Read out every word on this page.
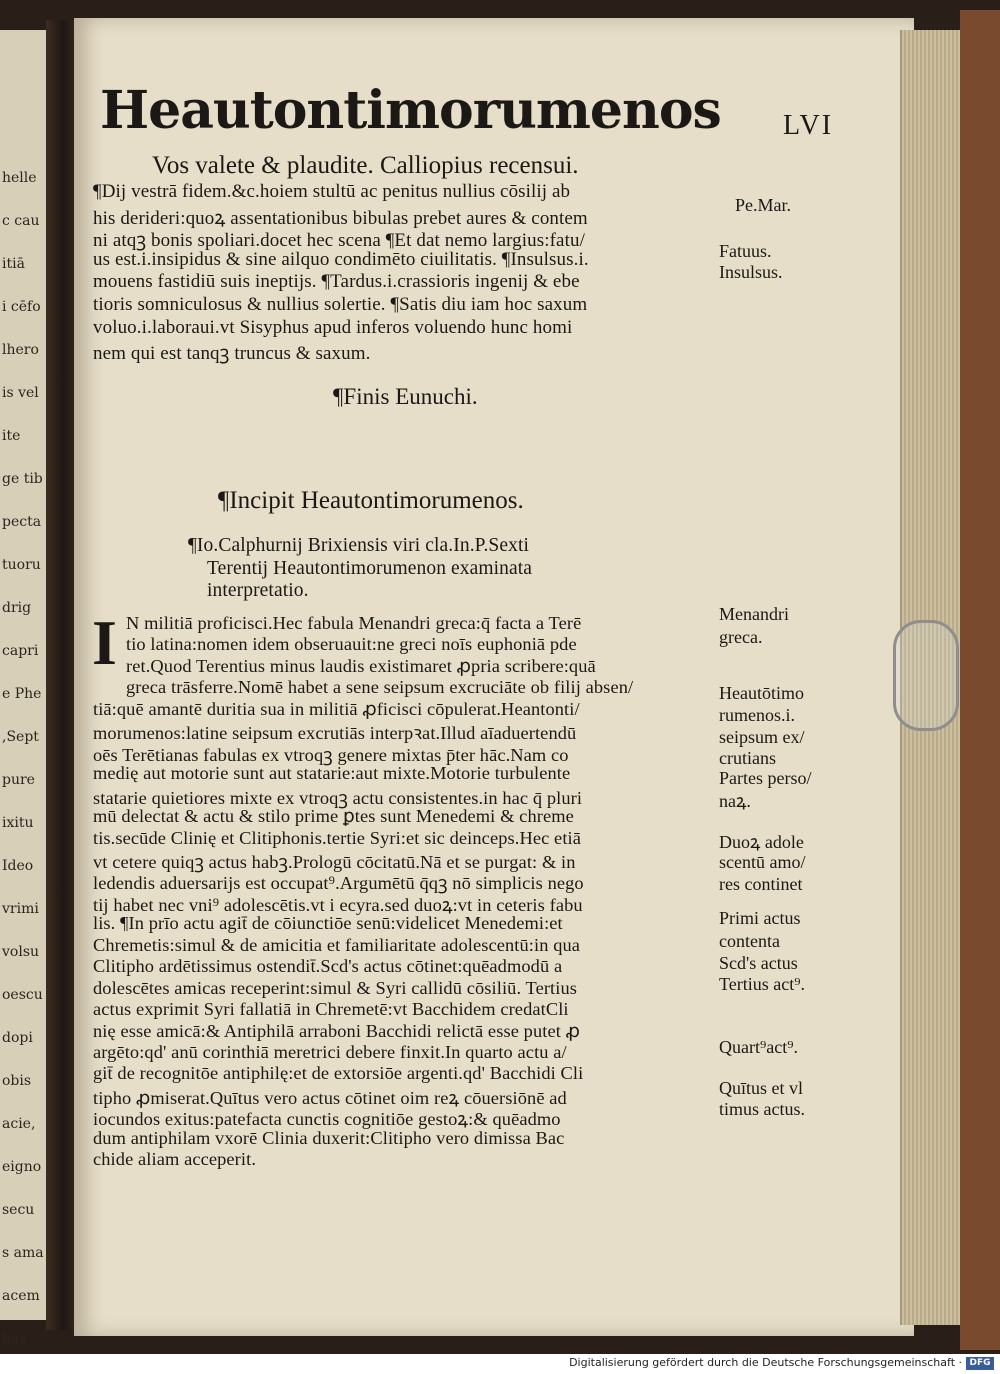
helle
c cau
itiā
i cēfo
lhero
is vel
ite
ge tib
pecta
tuoru
drig
capri
e Phe
,Sept
pure
ixitu
Ideo
vrimi
volsu
oescu
dopi
obis
acie,
eigno
secu
s ama
acem
has
Heautontimorumenos LVI
Vos valete & plaudite. Calliopius recensui.
¶Dij vestrā fidem.&c.hoiem stultū ac penitus nullius cōsilij ab
his derideri:quoꝝ assentationibus bibulas prebet aures & contem
ni atqꝫ bonis spoliari.docet hec scena ¶Et dat nemo largius:fatu/
us est.i.insipidus & sine ailquo condimēto ciuilitatis. ¶Insulsus.i.
mouens fastidiū suis ineptijs. ¶Tardus.i.crassioris ingenij & ebe
tioris somniculosus & nullius solertie. ¶Satis diu iam hoc saxum
voluo.i.laboraui.vt Sisyphus apud inferos voluendo hunc homi
nem qui est tanqꝫ truncus & saxum.
¶Finis Eunuchi.
¶Incipit Heautontimorumenos.
¶Io.Calphurnij Brixiensis viri cla.In.P.Sexti
Terentij Heautontimorumenon examinata
interpretatio.
I N militiā proficisci.Hec fabula Menandri greca:q̄ facta a Terē
tio latina:nomen idem obseruauit:ne greci noīs euphoniā pde
ret.Quod Terentius minus laudis existimaret ꝓpria scribere:quā
greca trāsferre.Nomē habet a sene seipsum excruciāte ob filij absen/
tiā:quē amantē duritia sua in militiā ꝓficisci cōpulerat.Heantonti/
morumenos:latine seipsum excrutiās interpꝛat.Illud aīaduertendū
oēs Terētianas fabulas ex vtroqꝫ genere mixtas p̄ter hāc.Nam co
medię aut motorie sunt aut statarie:aut mixte.Motorie turbulente
statarie quietiores mixte ex vtroqꝫ actu consistentes.in hac q̄ pluri
mū delectat & actu & stilo prime ꝑtes sunt Menedemi & chreme
tis.secūde Clinię et Clitiphonis.tertie Syri:et sic deinceps.Hec etiā
vt cetere quiqꝫ actus habꝫ.Prologū cōcitatū.Nā et se purgat: & in
ledendis aduersarijs est occupat⁹.Argumētū q̄qꝫ nō simplicis nego
tij habet nec vni⁹ adolescētis.vt i ecyra.sed duoꝝ:vt in ceteris fabu
lis. ¶In prīo actu agit̄ de cōiunctiōe senū:videlicet Menedemi:et
Chremetis:simul & de amicitia et familiaritate adolescentū:in qua
Clitipho ardētissimus ostendit̄.Scd's actus cōtinet:quēadmodū a
dolescētes amicas receperint:simul & Syri callidū cōsiliū. Tertius
actus exprimit Syri fallatiā in Chremetē:vt Bacchidem credatCli
nię esse amicā:& Antiphilā arraboni Bacchidi relictā esse putet ꝓ
argēto:qd' anū corinthiā meretrici debere finxit.In quarto actu a/
git̄ de recognitōe antiphilę:et de extorsiōe argenti.qd' Bacchidi Cli
tipho ꝓmiserat.Quītus vero actus cōtinet oim reꝝ cōuersiōnē ad
iocundos exitus:patefacta cunctis cognitiōe gestoꝝ:& quēadmo
dum antiphilam vxorē Clinia duxerit:Clitipho vero dimissa Bac
chide aliam acceperit.
Pe.Mar.
Fatuus.
Insulsus.
Menandri
greca.
Heautōtimo
rumenos.i.
seipsum ex/
crutians
Partes perso/
naꝝ.
Duoꝝ adole
scentū amo/
res continet
Primi actus
contenta
Scd's actus
Tertius act⁹.
Quart⁹act⁹.
Quītus et vl
timus actus.
Digitalisierung gefördert durch die Deutsche Forschungsgemeinschaft · DFG
